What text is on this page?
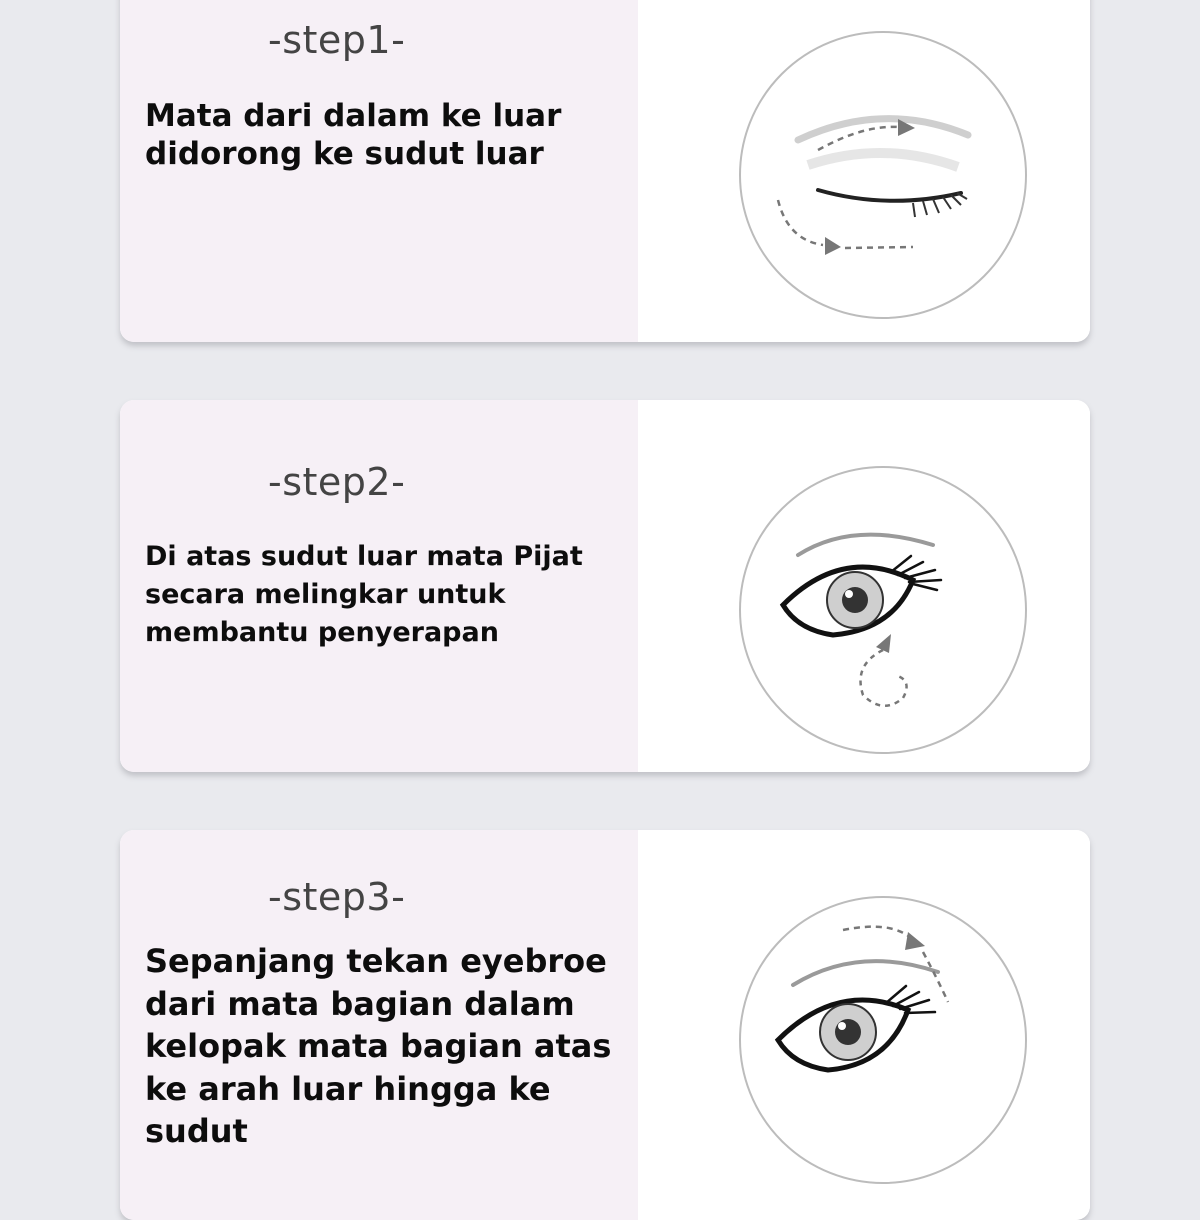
-step1-
Mata dari dalam ke luar
didorong ke sudut luar
-step2-
Di atas sudut luar mata Pijat
secara melingkar untuk
membantu penyerapan
-step3-
Sepanjang tekan eyebroe
dari mata bagian dalam
kelopak mata bagian atas
ke arah luar hingga ke
sudut
